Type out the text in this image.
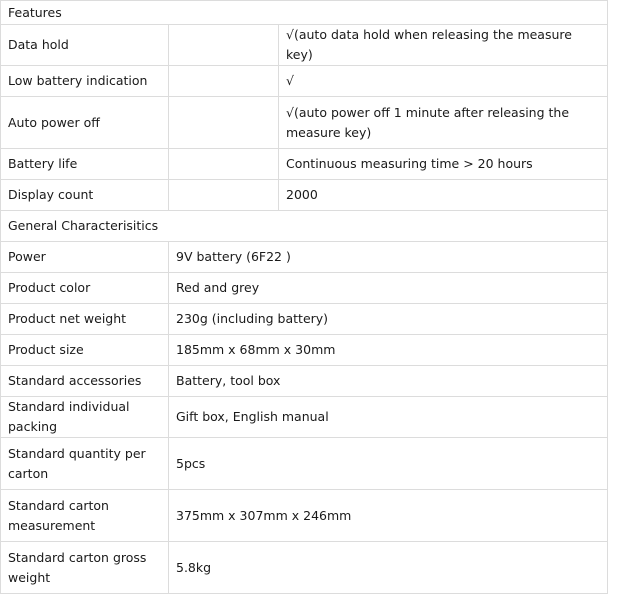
Features		
Data hold		√(auto data hold when releasing the measure key)
Low battery indication		√
Auto power off		√(auto power off 1 minute after releasing the measure key)
Battery life		Continuous measuring time > 20 hours
Display count		2000
General Characterisitics		
Power	9V battery (6F22 )	
Product color	Red and grey	
Product net weight	230g (including battery)	
Product size	185mm x 68mm x 30mm	
Standard accessories	Battery, tool box	
Standard individual packing	Gift box, English manual	
Standard quantity per carton	5pcs	
Standard carton measurement	375mm x 307mm x 246mm	
Standard carton gross weight	5.8kg	
